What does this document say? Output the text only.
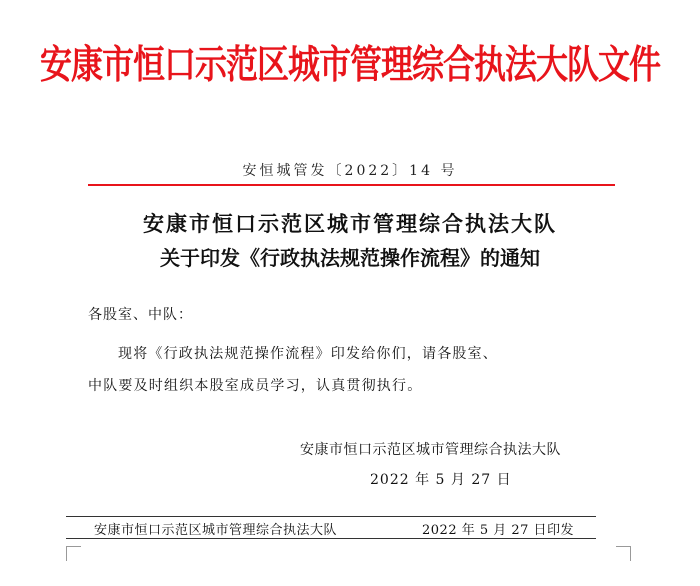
安康市恒口示范区城市管理综合执法大队文件
安恒城管发〔2022〕14 号
安康市恒口示范区城市管理综合执法大队
关于印发《行政执法规范操作流程》的通知
各股室、中队：
现将《行政执法规范操作流程》印发给你们，请各股室、
中队要及时组织本股室成员学习，认真贯彻执行。
安康市恒口示范区城市管理综合执法大队
2022 年 5 月 27 日
安康市恒口示范区城市管理综合执法大队	2022 年 5 月 27 日印发
